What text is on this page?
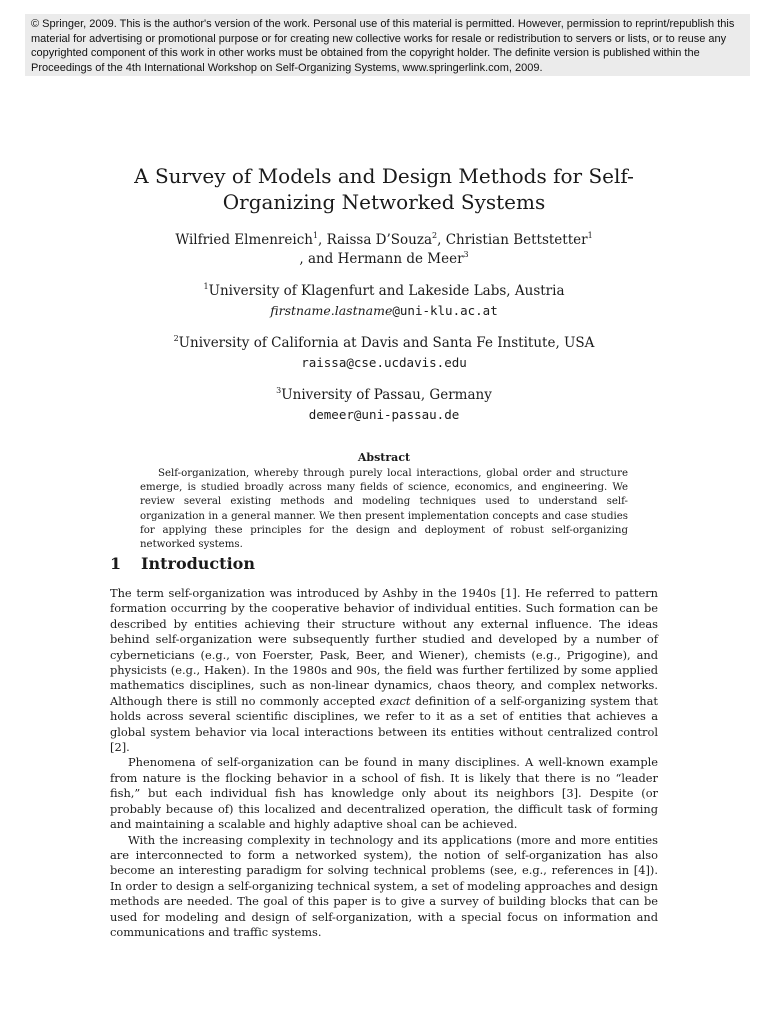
© Springer, 2009. This is the author's version of the work. Personal use of this material is permitted. However, permission to reprint/republish this material for advertising or promotional purpose or for creating new collective works for resale or redistribution to servers or lists, or to reuse any copyrighted component of this work in other works must be obtained from the copyright holder. The definite version is published within the Proceedings of the 4th International Workshop on Self-Organizing Systems, www.springerlink.com, 2009.
A Survey of Models and Design Methods for Self-Organizing Networked Systems
Wilfried Elmenreich$^1$, Raissa D’Souza$^2$, Christian Bettstetter$^1$
, and Hermann de Meer$^3$
$^1$University of Klagenfurt and Lakeside Labs, Austria
firstname.lastname@uni-klu.ac.at
$^2$University of California at Davis and Santa Fe Institute, USA
raissa@cse.ucdavis.edu
$^3$University of Passau, Germany
demeer@uni-passau.de
Abstract

Self-organization, whereby through purely local interactions, global order and structure emerge, is studied broadly across many fields of science, economics, and engineering. We review several existing methods and modeling techniques used to understand self-organization in a general manner. We then present implementation concepts and case studies for applying these principles for the design and deployment of robust self-organizing networked systems.

1 Introduction

The term self-organization was introduced by Ashby in the 1940s [1]. He referred to pattern formation occurring by the cooperative behavior of individual entities. Such formation can be described by entities achieving their structure without any external influence. The ideas behind self-organization were subsequently further studied and developed by a number of cyberneticians (e.g., von Foerster, Pask, Beer, and Wiener), chemists (e.g., Prigogine), and physicists (e.g., Haken). In the 1980s and 90s, the field was further fertilized by some applied mathematics disciplines, such as non-linear dynamics, chaos theory, and complex networks. Although there is still no commonly accepted exact definition of a self-organizing system that holds across several scientific disciplines, we refer to it as a set of entities that achieves a global system behavior via local interactions between its entities without centralized control [2].

Phenomena of self-organization can be found in many disciplines. A well-known example from nature is the flocking behavior in a school of fish. It is likely that there is no “leader fish,” but each individual fish has knowledge only about its neighbors [3]. Despite (or probably because of) this localized and decentralized operation, the difficult task of forming and maintaining a scalable and highly adaptive shoal can be achieved.

With the increasing complexity in technology and its applications (more and more entities are interconnected to form a networked system), the notion of self-organization has also become an interesting paradigm for solving technical problems (see, e.g., references in [4]). In order to design a self-organizing technical system, a set of modeling approaches and design methods are needed. The goal of this paper is to give a survey of building blocks that can be used for modeling and design of self-organization, with a special focus on information and communications and traffic systems.
